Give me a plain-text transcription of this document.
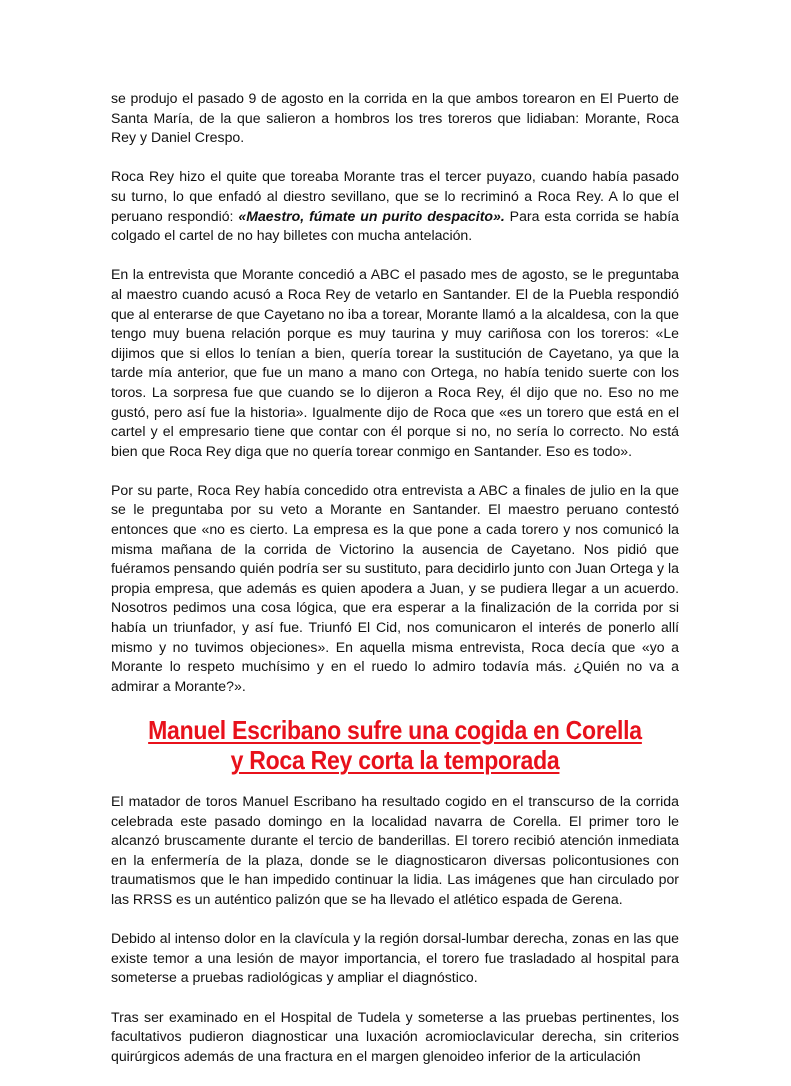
se produjo el pasado 9 de agosto en la corrida en la que ambos torearon en El Puerto de Santa María, de la que salieron a hombros los tres toreros que lidiaban: Morante, Roca Rey y Daniel Crespo.

Roca Rey hizo el quite que toreaba Morante tras el tercer puyazo, cuando había pasado su turno, lo que enfadó al diestro sevillano, que se lo recriminó a Roca Rey. A lo que el peruano respondió: «Maestro, fúmate un purito despacito». Para esta corrida se había colgado el cartel de no hay billetes con mucha antelación.

En la entrevista que Morante concedió a ABC el pasado mes de agosto, se le preguntaba al maestro cuando acusó a Roca Rey de vetarlo en Santander. El de la Puebla respondió que al enterarse de que Cayetano no iba a torear, Morante llamó a la alcaldesa, con la que tengo muy buena relación porque es muy taurina y muy cariñosa con los toreros: «Le dijimos que si ellos lo tenían a bien, quería torear la sustitución de Cayetano, ya que la tarde mía anterior, que fue un mano a mano con Ortega, no había tenido suerte con los toros. La sorpresa fue que cuando se lo dijeron a Roca Rey, él dijo que no. Eso no me gustó, pero así fue la historia». Igualmente dijo de Roca que «es un torero que está en el cartel y el empresario tiene que contar con él porque si no, no sería lo correcto. No está bien que Roca Rey diga que no quería torear conmigo en Santander. Eso es todo».

Por su parte, Roca Rey había concedido otra entrevista a ABC a finales de julio en la que se le preguntaba por su veto a Morante en Santander. El maestro peruano contestó entonces que «no es cierto. La empresa es la que pone a cada torero y nos comunicó la misma mañana de la corrida de Victorino la ausencia de Cayetano. Nos pidió que fuéramos pensando quién podría ser su sustituto, para decidirlo junto con Juan Ortega y la propia empresa, que además es quien apodera a Juan, y se pudiera llegar a un acuerdo. Nosotros pedimos una cosa lógica, que era esperar a la finalización de la corrida por si había un triunfador, y así fue. Triunfó El Cid, nos comunicaron el interés de ponerlo allí mismo y no tuvimos objeciones». En aquella misma entrevista, Roca decía que «yo a Morante lo respeto muchísimo y en el ruedo lo admiro todavía más. ¿Quién no va a admirar a Morante?».

Manuel Escribano sufre una cogida en Corella
y Roca Rey corta la temporada

El matador de toros Manuel Escribano ha resultado cogido en el transcurso de la corrida celebrada este pasado domingo en la localidad navarra de Corella. El primer toro le alcanzó bruscamente durante el tercio de banderillas. El torero recibió atención inmediata en la enfermería de la plaza, donde se le diagnosticaron diversas policontusiones con traumatismos que le han impedido continuar la lidia. Las imágenes que han circulado por las RRSS es un auténtico palizón que se ha llevado el atlético espada de Gerena.

Debido al intenso dolor en la clavícula y la región dorsal-lumbar derecha, zonas en las que existe temor a una lesión de mayor importancia, el torero fue trasladado al hospital para someterse a pruebas radiológicas y ampliar el diagnóstico.

Tras ser examinado en el Hospital de Tudela y someterse a las pruebas pertinentes, los facultativos pudieron diagnosticar una luxación acromioclavicular derecha, sin criterios quirúrgicos además de una fractura en el margen glenoideo inferior de la articulación
